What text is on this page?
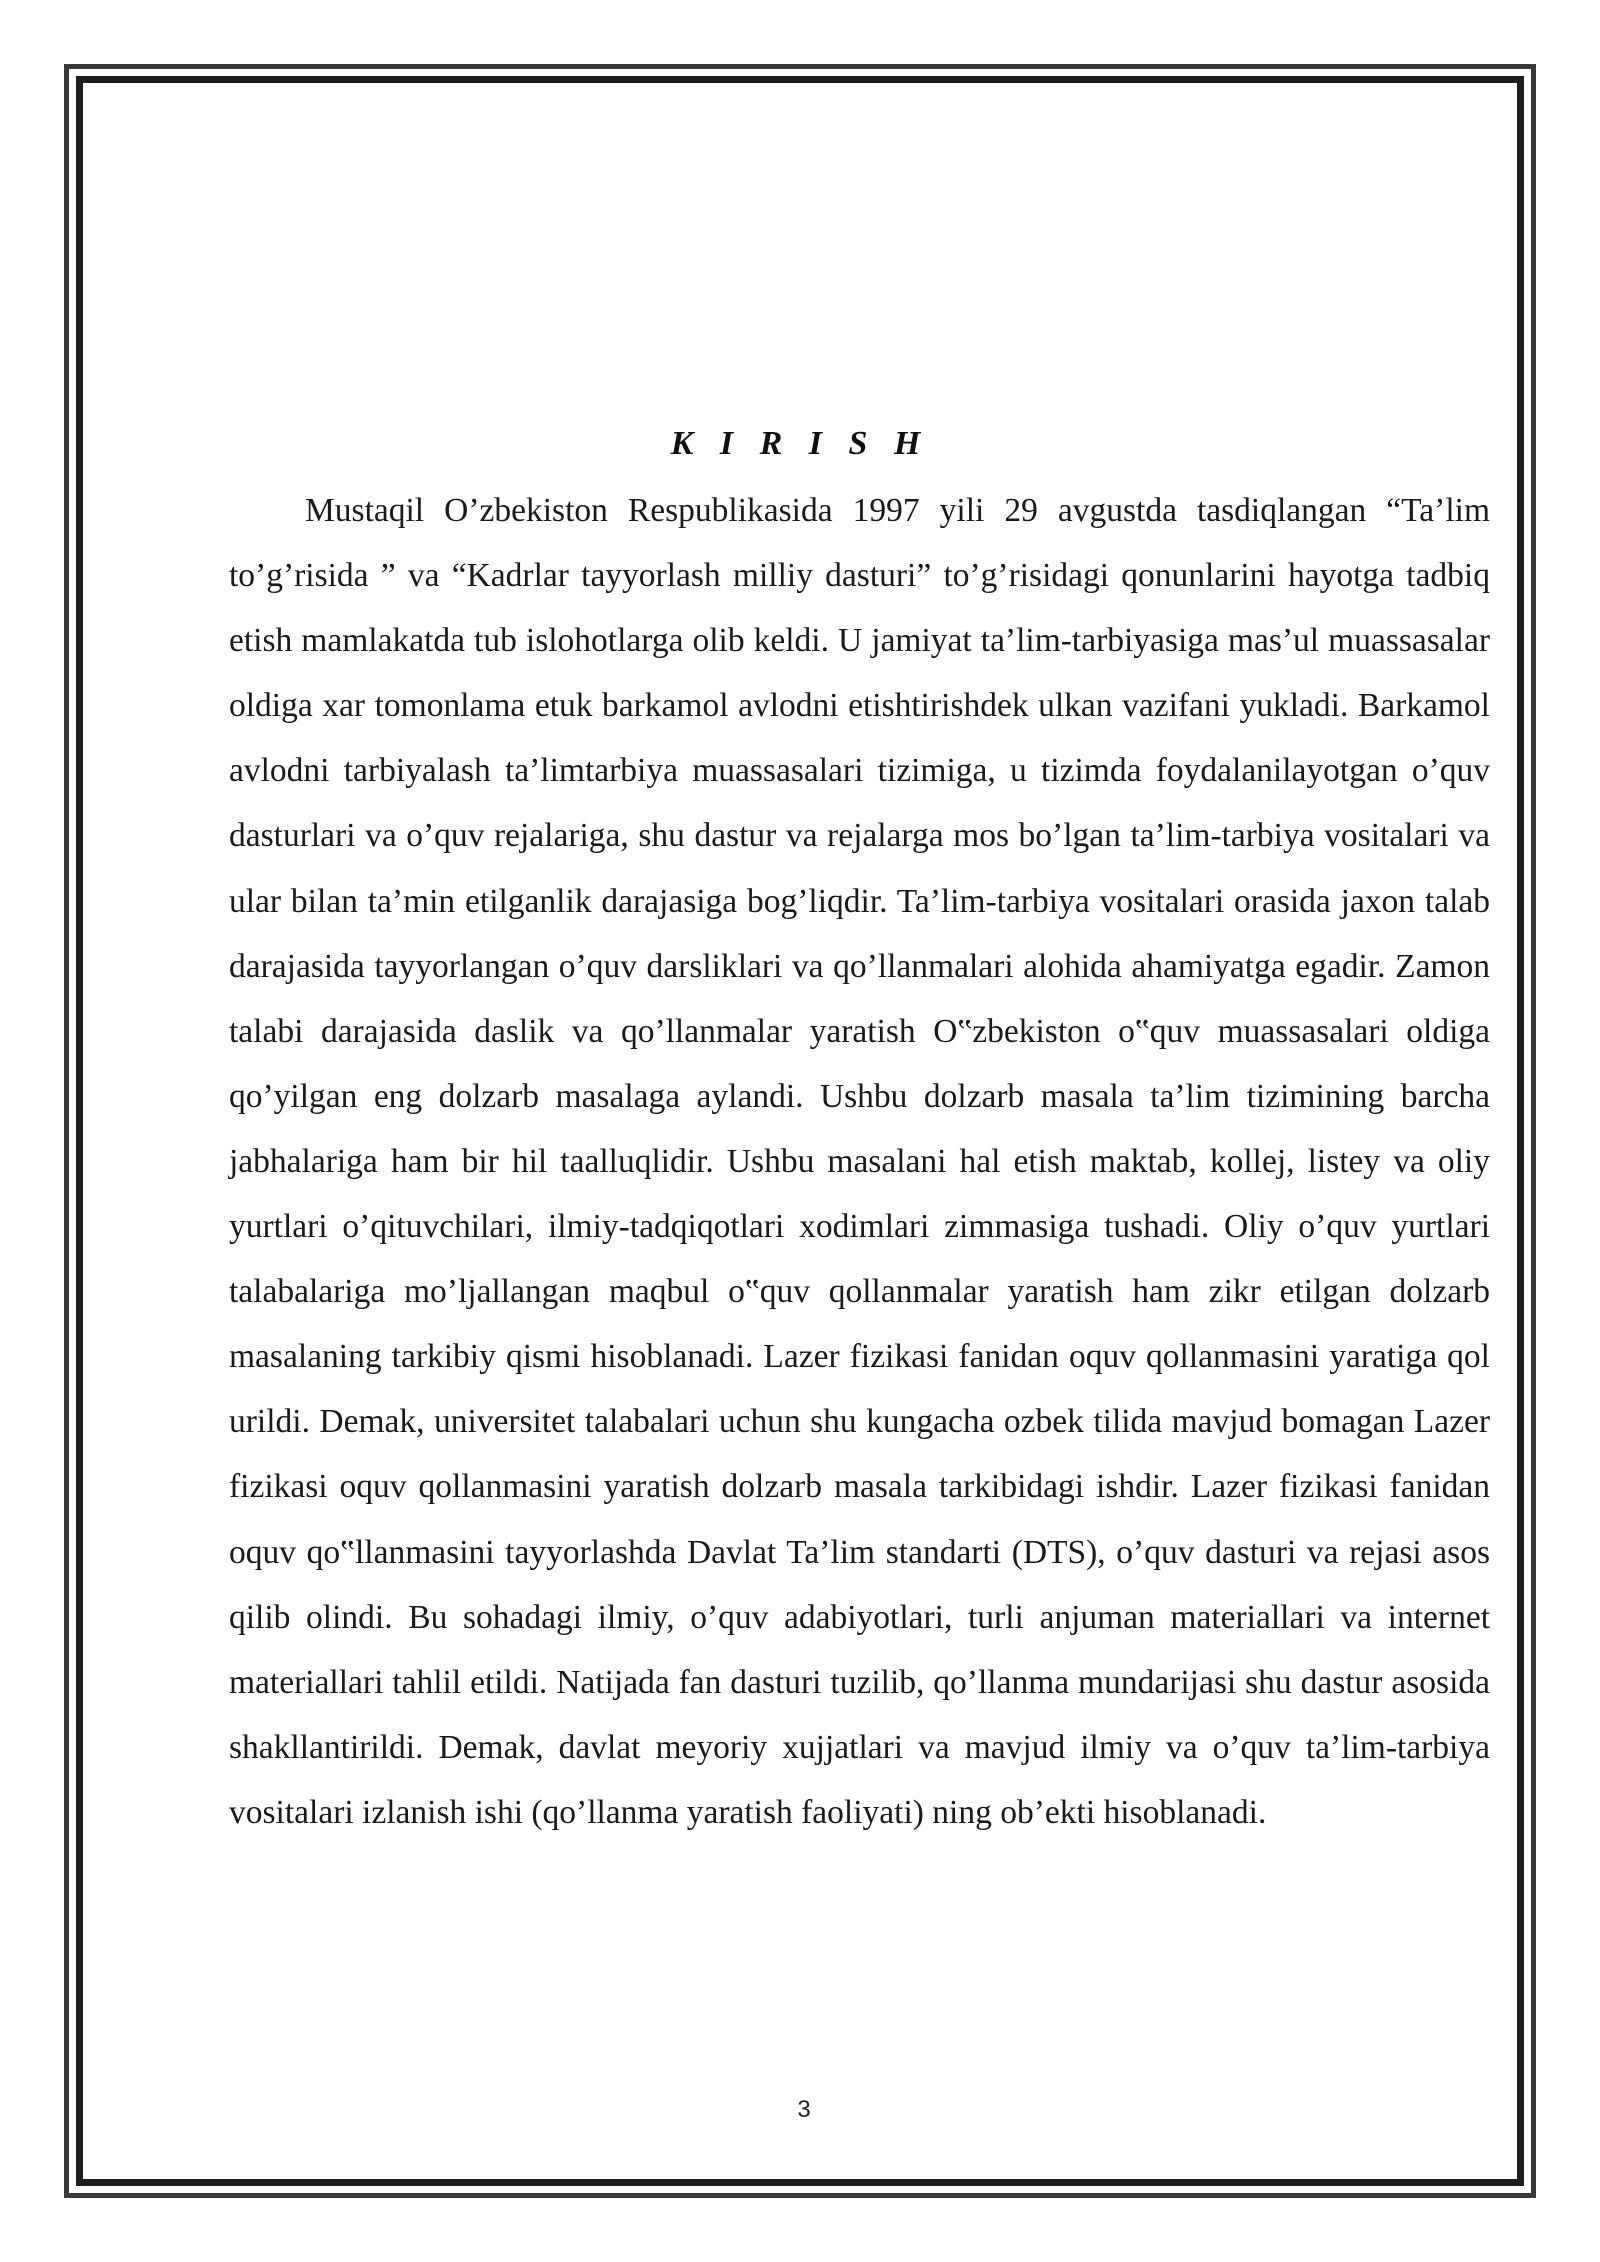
K I R I S H

Mustaqil O’zbekiston Respublikasida 1997 yili 29 avgustda tasdiqlangan “Ta’lim to’g’risida ” va “Kadrlar tayyorlash milliy dasturi” to’g’risidagi qonunlarini hayotga tadbiq etish mamlakatda tub islohotlarga olib keldi. U jamiyat ta’lim-tarbiyasiga mas’ul muassasalar oldiga xar tomonlama etuk barkamol avlodni etishtirishdek ulkan vazifani yukladi. Barkamol avlodni tarbiyalash ta’limtarbiya muassasalari tizimiga, u tizimda foydalanilayotgan o’quv dasturlari va o’quv rejalariga, shu dastur va rejalarga mos bo’lgan ta’lim-tarbiya vositalari va ular bilan ta’min etilganlik darajasiga bog’liqdir. Ta’lim-tarbiya vositalari orasida jaxon talab darajasida tayyorlangan o’quv darsliklari va qo’llanmalari alohida ahamiyatga egadir. Zamon talabi darajasida daslik va qo’llanmalar yaratish O‟zbekiston o‟quv muassasalari oldiga qo’yilgan eng dolzarb masalaga aylandi. Ushbu dolzarb masala ta’lim tizimining barcha jabhalariga ham bir hil taalluqlidir. Ushbu masalani hal etish maktab, kollej, listey va oliy yurtlari o’qituvchilari, ilmiy-tadqiqotlari xodimlari zimmasiga tushadi. Oliy o’quv yurtlari talabalariga mo’ljallangan maqbul o‟quv qollanmalar yaratish ham zikr etilgan dolzarb masalaning tarkibiy qismi hisoblanadi. Lazer fizikasi fanidan oquv qollanmasini yaratiga qol urildi. Demak, universitet talabalari uchun shu kungacha ozbek tilida mavjud bomagan Lazer fizikasi oquv qollanmasini yaratish dolzarb masala tarkibidagi ishdir. Lazer fizikasi fanidan oquv qo‟llanmasini tayyorlashda Davlat Ta’lim standarti (DTS), o’quv dasturi va rejasi asos qilib olindi. Bu sohadagi ilmiy, o’quv adabiyotlari, turli anjuman materiallari va internet materiallari tahlil etildi. Natijada fan dasturi tuzilib, qo’llanma mundarijasi shu dastur asosida shakllantirildi. Demak, davlat meyoriy xujjatlari va mavjud ilmiy va o’quv ta’lim-tarbiya vositalari izlanish ishi (qo’llanma yaratish faoliyati) ning ob’ekti hisoblanadi.

3
